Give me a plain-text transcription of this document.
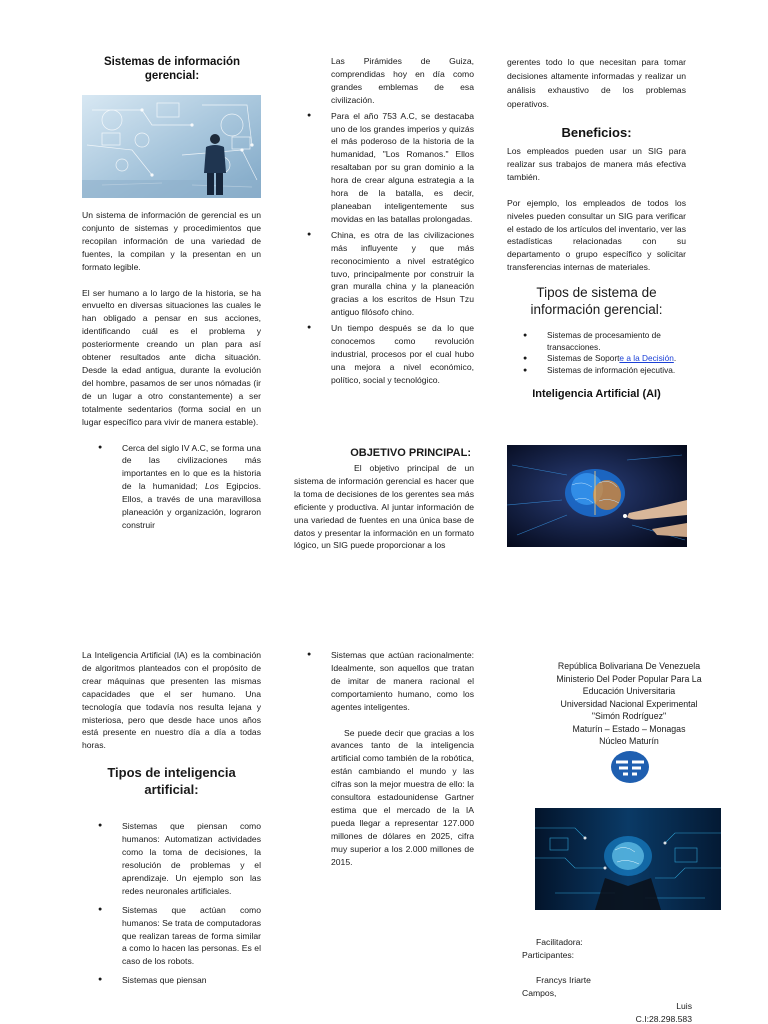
Sistemas de información gerencial:

Un sistema de información de gerencial es un conjunto de sistemas y procedimientos que recopilan información de una variedad de fuentes, la compilan y la presentan en un formato legible.

El ser humano a lo largo de la historia, se ha envuelto en diversas situaciones las cuales le han obligado a pensar en sus acciones, identificando cuál es el problema y posteriormente creando un plan para así obtener resultados ante dicha situación. Desde la edad antigua, durante la evolución del hombre, pasamos de ser unos nómadas (ir de un lugar a otro constantemente) a ser totalmente sedentarios (forma social en un lugar específico para vivir de manera estable).

● Cerca del siglo IV A.C, se forma una de las civilizaciones más importantes en lo que es la historia de la humanidad; Los Egipcios. Ellos, a través de una maravillosa planeación y organización, lograron construir

Las Pirámides de Guiza, comprendidas hoy en día como grandes emblemas de esa civilización.

● Para el año 753 A.C, se destacaba uno de los grandes imperios y quizás el más poderoso de la historia de la humanidad, "Los Romanos." Ellos resaltaban por su gran dominio a la hora de crear alguna estrategia a la hora de la batalla, es decir, planeaban inteligentemente sus movidas en las batallas prolongadas.
● China, es otra de las civilizaciones más influyente y que más reconocimiento a nivel estratégico tuvo, principalmente por construir la gran muralla china y la planeación gracias a los escritos de Hsun Tzu antiguo filósofo chino.
● Un tiempo después se da lo que conocemos como revolución industrial, procesos por el cual hubo una mejora a nivel económico, político, social y tecnológico.
OBJETIVO PRINCIPAL:

El objetivo principal de un sistema de información gerencial es hacer que la toma de decisiones de los gerentes sea más eficiente y productiva. Al juntar información de una variedad de fuentes en una única base de datos y presentar la información en un formato lógico, un SIG puede proporcionar a los

gerentes todo lo que necesitan para tomar decisiones altamente informadas y realizar un análisis exhaustivo de los problemas operativos.

Beneficios:

Los empleados pueden usar un SIG para realizar sus trabajos de manera más efectiva también.

Por ejemplo, los empleados de todos los niveles pueden consultar un SIG para verificar el estado de los artículos del inventario, ver las estadísticas relacionadas con su departamento o grupo específico y solicitar transferencias internas de materiales.

Tipos de sistema de información gerencial:
● Sistemas de procesamiento de transacciones.
● Sistemas de Soporte a la Decisión.
● Sistemas de información ejecutiva.
Inteligencia Artificial (AI)

La Inteligencia Artificial (IA) es la combinación de algoritmos planteados con el propósito de crear máquinas que presenten las mismas capacidades que el ser humano. Una tecnología que todavía nos resulta lejana y misteriosa, pero que desde hace unos años está presente en nuestro día a día a todas horas.

Tipos de inteligencia artificial:
● Sistemas que piensan como humanos: Automatizan actividades como la toma de decisiones, la resolución de problemas y el aprendizaje. Un ejemplo son las redes neuronales artificiales.
● Sistemas que actúan como humanos: Se trata de computadoras que realizan tareas de forma similar a como lo hacen las personas. Es el caso de los robots.
● Sistemas que piensan
● Sistemas que actúan racionalmente: Idealmente, son aquellos que tratan de imitar de manera racional el comportamiento humano, como los agentes inteligentes.

Se puede decir que gracias a los avances tanto de la inteligencia artificial como también de la robótica, están cambiando el mundo y las cifras son la mejor muestra de ello: la consultora estadounidense Gartner estima que el mercado de la IA pueda llegar a representar 127.000 millones de dólares en 2025, cifra muy superior a los 2.000 millones de 2015.

República Bolivariana De Venezuela
Ministerio Del Poder Popular Para La
Educación Universitaria
Universidad Nacional Experimental
"Simón Rodríguez"
Maturín – Estado – Monagas
Núcleo Maturín
Facilitadora:
Participantes:
Francys Iriarte
Campos,
Luis
C.I:28.298.583
